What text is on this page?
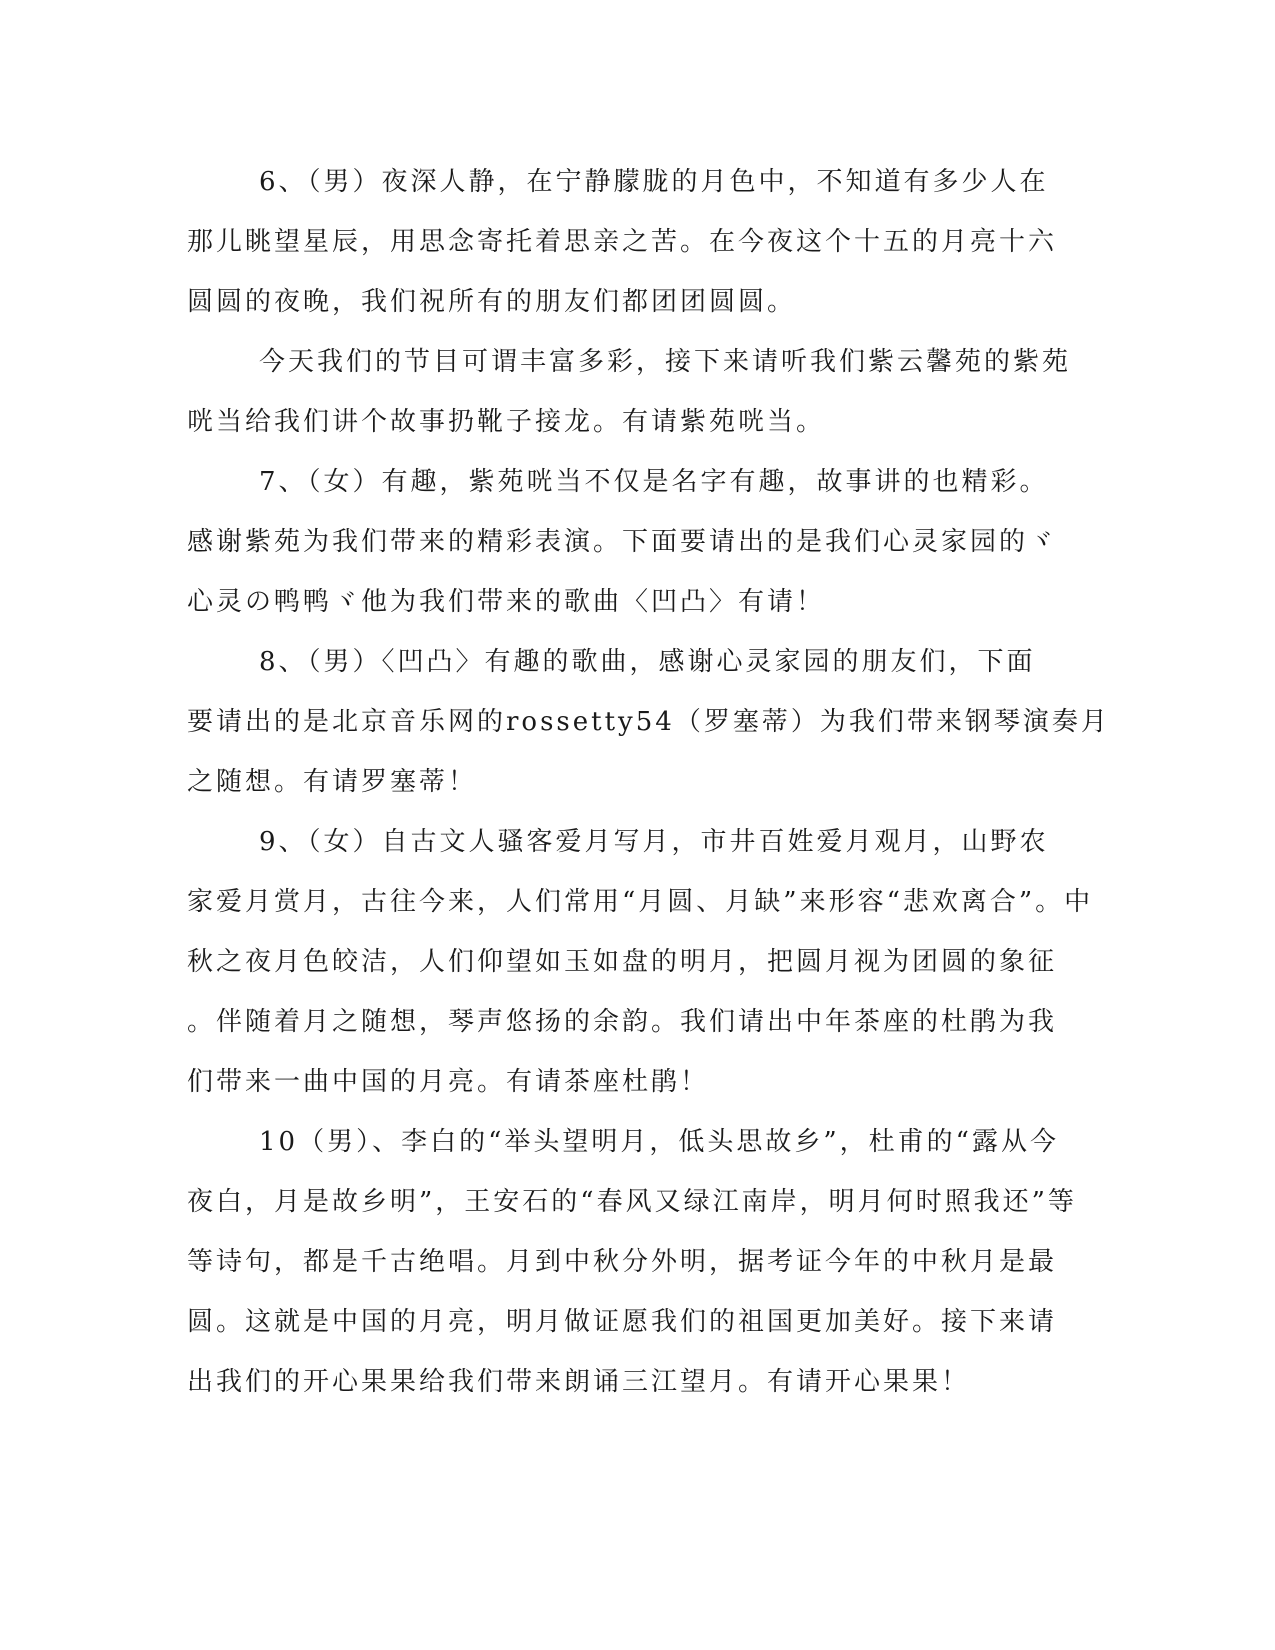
6、（男）夜深人静，在宁静朦胧的月色中，不知道有多少人在
那儿眺望星辰，用思念寄托着思亲之苦。在今夜这个十五的月亮十六
圆圆的夜晚，我们祝所有的朋友们都团团圆圆。
今天我们的节目可谓丰富多彩，接下来请听我们紫云馨苑的紫苑
咣当给我们讲个故事扔靴子接龙。有请紫苑咣当。
7、（女）有趣，紫苑咣当不仅是名字有趣，故事讲的也精彩。
感谢紫苑为我们带来的精彩表演。下面要请出的是我们心灵家园的ヾ
心灵の鸭鸭ヾ他为我们带来的歌曲〈凹凸〉有请！
8、（男）〈凹凸〉有趣的歌曲，感谢心灵家园的朋友们，下面
要请出的是北京音乐网的rossetty54（罗塞蒂）为我们带来钢琴演奏月
之随想。有请罗塞蒂！
9、（女）自古文人骚客爱月写月，市井百姓爱月观月，山野农
家爱月赏月，古往今来，人们常用“月圆、月缺”来形容“悲欢离合”。中
秋之夜月色皎洁，人们仰望如玉如盘的明月，把圆月视为团圆的象征
。伴随着月之随想，琴声悠扬的余韵。我们请出中年茶座的杜鹃为我
们带来一曲中国的月亮。有请茶座杜鹃！
10（男）、李白的“举头望明月，低头思故乡”，杜甫的“露从今
夜白，月是故乡明”，王安石的“春风又绿江南岸，明月何时照我还”等
等诗句，都是千古绝唱。月到中秋分外明，据考证今年的中秋月是最
圆。这就是中国的月亮，明月做证愿我们的祖国更加美好。接下来请
出我们的开心果果给我们带来朗诵三江望月。有请开心果果！
